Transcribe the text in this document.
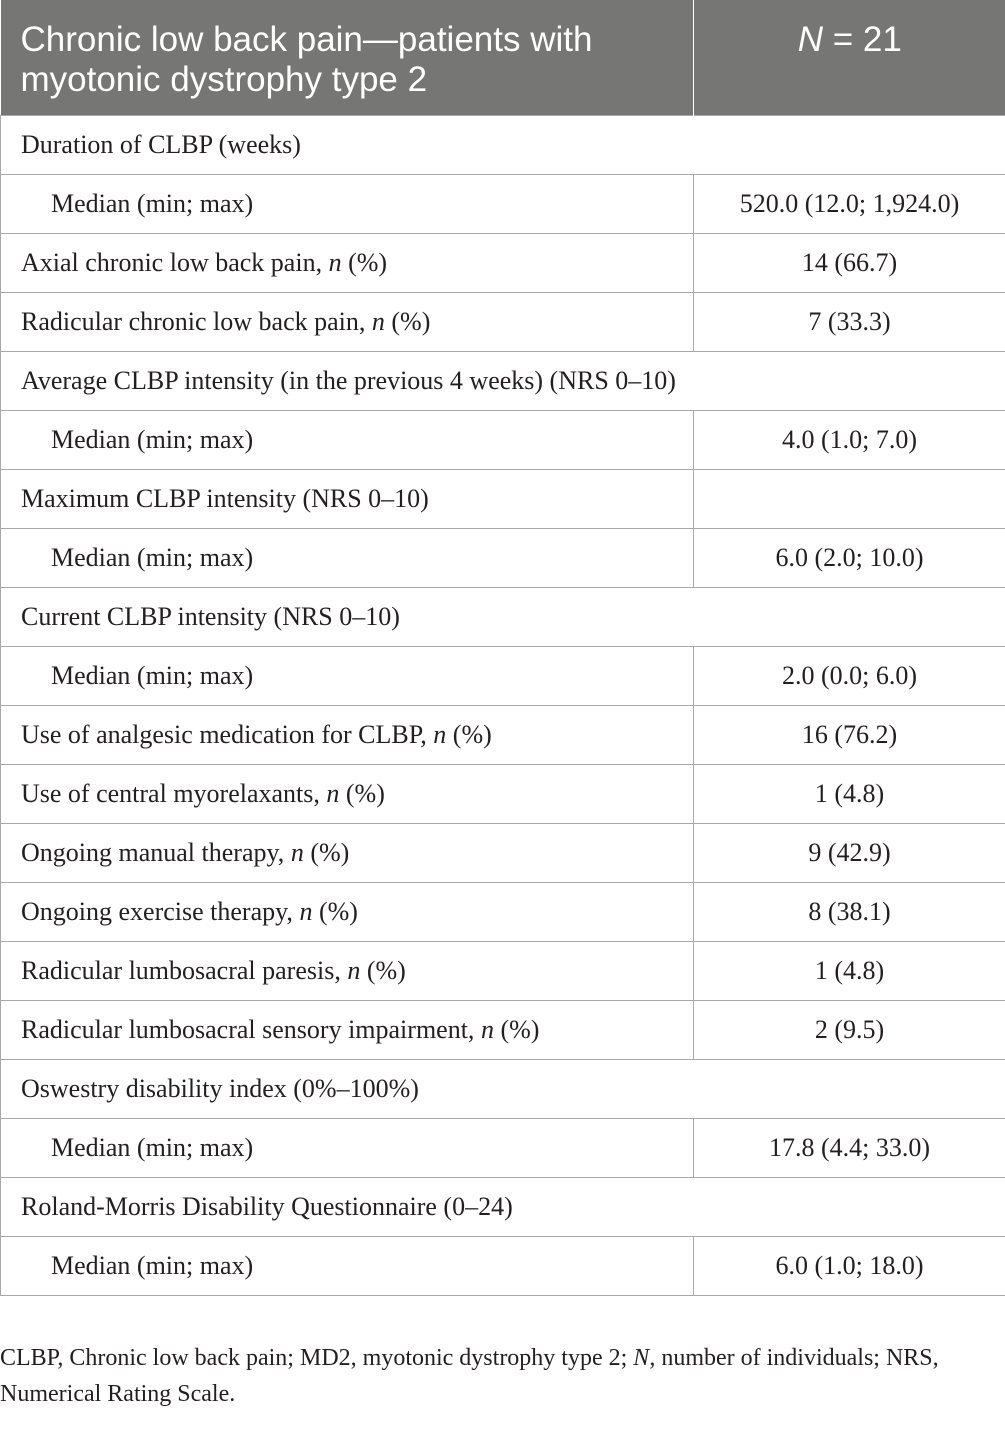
Chronic low back pain—patients with myotonic dystrophy type 2	N = 21
Duration of CLBP (weeks)	
Median (min; max)	520.0 (12.0; 1,924.0)
Axial chronic low back pain, n (%)	14 (66.7)
Radicular chronic low back pain, n (%)	7 (33.3)
Average CLBP intensity (in the previous 4 weeks) (NRS 0–10)	
Median (min; max)	4.0 (1.0; 7.0)
Maximum CLBP intensity (NRS 0–10)	
Median (min; max)	6.0 (2.0; 10.0)
Current CLBP intensity (NRS 0–10)	
Median (min; max)	2.0 (0.0; 6.0)
Use of analgesic medication for CLBP, n (%)	16 (76.2)
Use of central myorelaxants, n (%)	1 (4.8)
Ongoing manual therapy, n (%)	9 (42.9)
Ongoing exercise therapy, n (%)	8 (38.1)
Radicular lumbosacral paresis, n (%)	1 (4.8)
Radicular lumbosacral sensory impairment, n (%)	2 (9.5)
Oswestry disability index (0%–100%)	
Median (min; max)	17.8 (4.4; 33.0)
Roland-Morris Disability Questionnaire (0–24)	
Median (min; max)	6.0 (1.0; 18.0)
CLBP, Chronic low back pain; MD2, myotonic dystrophy type 2; N, number of individuals; NRS, Numerical Rating Scale.
